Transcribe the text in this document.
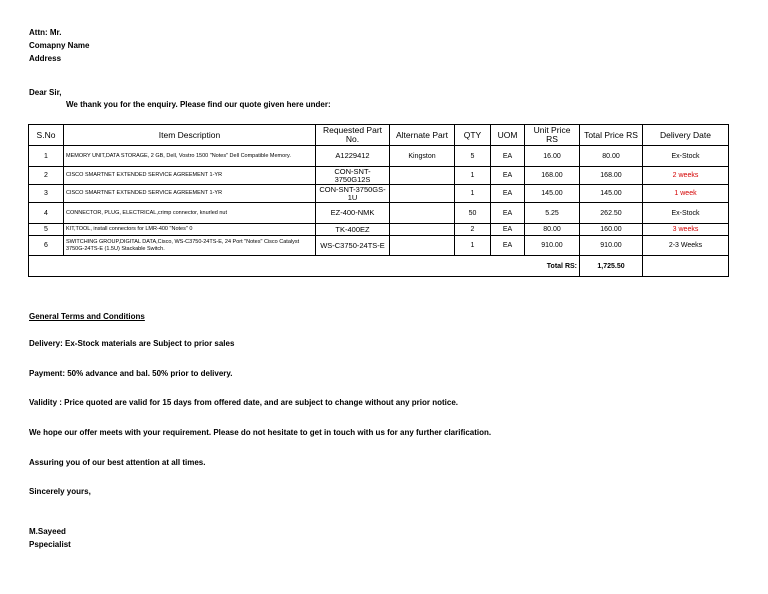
Attn: Mr.
Comapny Name
Address
Dear Sir,
We thank you for the enquiry. Please find our quote given here under:
S.No	Item Description	Requested Part No.	Alternate Part	QTY	UOM	Unit Price RS	Total Price RS	Delivery Date
1	MEMORY UNIT,DATA STORAGE, 2 GB, Dell, Vostro 1500 "Notes" Dell Compatible Memory.	A1229412	Kingston	5	EA	16.00	80.00	Ex-Stock
2	CISCO SMARTNET EXTENDED SERVICE AGREEMENT 1-YR	CON-SNT-3750G12S		1	EA	168.00	168.00	2 weeks
3	CISCO SMARTNET EXTENDED SERVICE AGREEMENT 1-YR	CON-SNT-3750GS-1U		1	EA	145.00	145.00	1 week
4	CONNECTOR, PLUG, ELECTRICAL,crimp connector, knurled nut	EZ-400-NMK		50	EA	5.25	262.50	Ex-Stock
5	KIT,TOOL, install connectors for LMR-400 "Notes" 0	TK-400EZ		2	EA	80.00	160.00	3 weeks
6	SWITCHING GROUP,DIGITAL DATA,Cisco, WS-C3750-24TS-E, 24 Port "Notes" Cisco Catalyst 3750G-24TS-E (1.5U) Stackable Switch.	WS-C3750-24TS-E		1	EA	910.00	910.00	2-3 Weeks
Total RS:							1,725.50	
General Terms and Conditions
Delivery: Ex-Stock materials are Subject to prior sales
Payment: 50% advance and bal. 50% prior to delivery.
Validity : Price quoted are valid for 15 days from offered date, and are subject to change without any prior notice.
We hope our offer meets with your requirement. Please do not hesitate to get in touch with us for any further clarification.
Assuring you of our best attention at all times.
Sincerely yours,
M.Sayeed
Pspecialist
